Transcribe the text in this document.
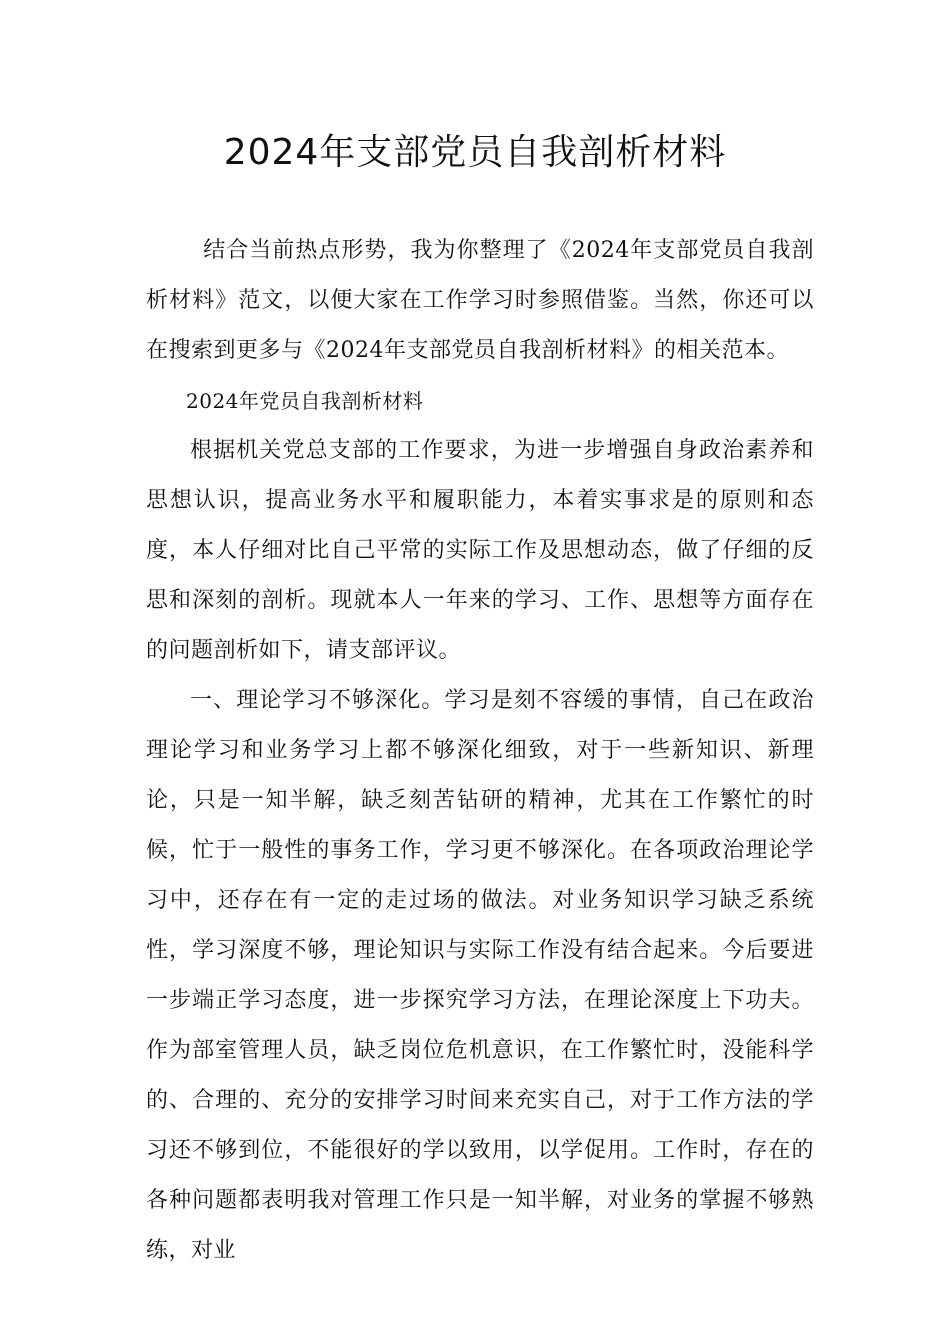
2024年支部党员自我剖析材料

结合当前热点形势，我为你整理了《2024年支部党员自我剖析材料》范文，以便大家在工作学习时参照借鉴。当然，你还可以在搜索到更多与《2024年支部党员自我剖析材料》的相关范本。

2024年党员自我剖析材料

根据机关党总支部的工作要求，为进一步增强自身政治素养和思想认识，提高业务水平和履职能力，本着实事求是的原则和态度，本人仔细对比自己平常的实际工作及思想动态，做了仔细的反思和深刻的剖析。现就本人一年来的学习、工作、思想等方面存在的问题剖析如下，请支部评议。

一、理论学习不够深化。学习是刻不容缓的事情，自己在政治理论学习和业务学习上都不够深化细致，对于一些新知识、新理论，只是一知半解，缺乏刻苦钻研的精神，尤其在工作繁忙的时候，忙于一般性的事务工作，学习更不够深化。在各项政治理论学习中，还存在有一定的走过场的做法。对业务知识学习缺乏系统性，学习深度不够，理论知识与实际工作没有结合起来。今后要进一步端正学习态度，进一步探究学习方法，在理论深度上下功夫。作为部室管理人员，缺乏岗位危机意识，在工作繁忙时，没能科学的、合理的、充分的安排学习时间来充实自己，对于工作方法的学习还不够到位，不能很好的学以致用，以学促用。工作时，存在的各种问题都表明我对管理工作只是一知半解，对业务的掌握不够熟练，对业
